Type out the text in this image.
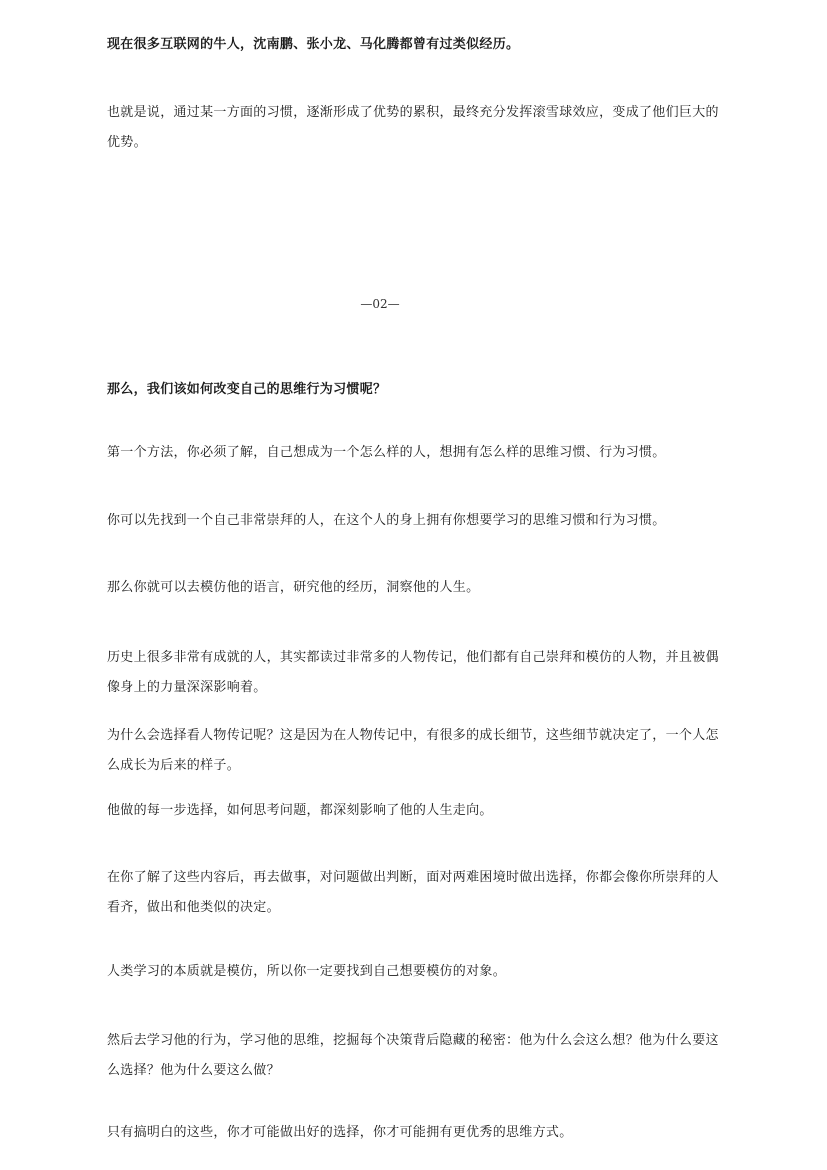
现在很多互联网的牛人，沈南鹏、张小龙、马化腾都曾有过类似经历。

也就是说，通过某一方面的习惯，逐渐形成了优势的累积，最终充分发挥滚雪球效应，变成了他们巨大的优势。

—02—

那么，我们该如何改变自己的思维行为习惯呢？

第一个方法，你必须了解，自己想成为一个怎么样的人，想拥有怎么样的思维习惯、行为习惯。

你可以先找到一个自己非常崇拜的人，在这个人的身上拥有你想要学习的思维习惯和行为习惯。

那么你就可以去模仿他的语言，研究他的经历，洞察他的人生。

历史上很多非常有成就的人，其实都读过非常多的人物传记，他们都有自己崇拜和模仿的人物，并且被偶像身上的力量深深影响着。

为什么会选择看人物传记呢？这是因为在人物传记中，有很多的成长细节，这些细节就决定了，一个人怎么成长为后来的样子。

他做的每一步选择，如何思考问题，都深刻影响了他的人生走向。

在你了解了这些内容后，再去做事，对问题做出判断，面对两难困境时做出选择，你都会像你所崇拜的人看齐，做出和他类似的决定。

人类学习的本质就是模仿，所以你一定要找到自己想要模仿的对象。

然后去学习他的行为，学习他的思维，挖掘每个决策背后隐藏的秘密：他为什么会这么想？他为什么要这么选择？他为什么要这么做？

只有搞明白的这些，你才可能做出好的选择，你才可能拥有更优秀的思维方式。
